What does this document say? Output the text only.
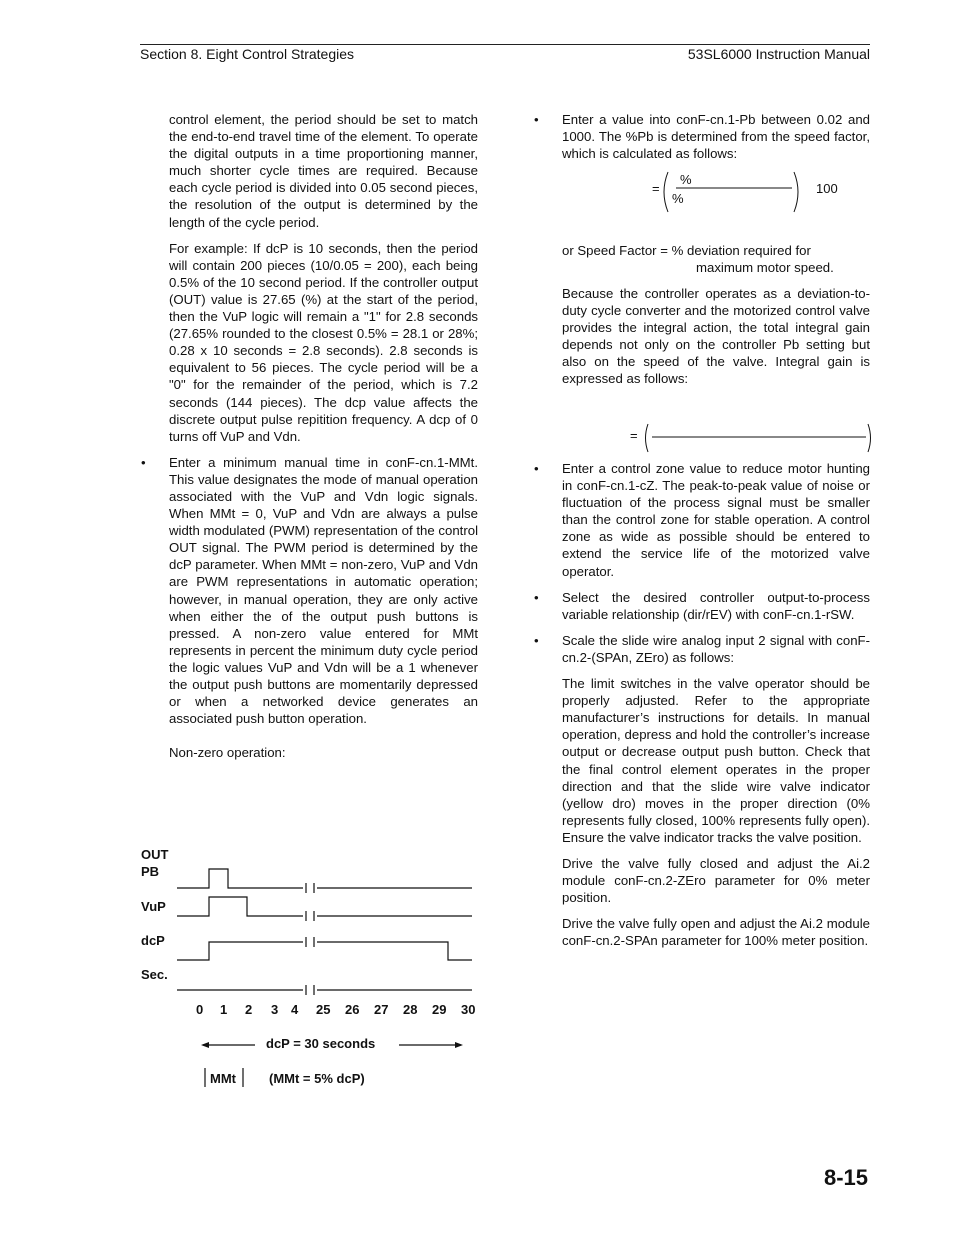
Section 8. Eight Control Strategies	53SL6000 Instruction Manual

control element, the period should be set to match the end-to-end travel time of the element. To operate the digital outputs in a time proportioning manner, much shorter cycle times are required. Because each cycle period is divided into 0.05 second pieces, the resolution of the output is determined by the length of the cycle period.

For example: If dcP is 10 seconds, then the period will contain 200 pieces (10/0.05 = 200), each being 0.5% of the 10 second period. If the controller output (OUT) value is 27.65 (%) at the start of the period, then the VuP logic will remain a "1" for 2.8 seconds (27.65% rounded to the closest 0.5% = 28.1 or 28%; 0.28 x 10 seconds = 2.8 seconds). 2.8 seconds is equivalent to 56 pieces. The cycle period will be a "0" for the remainder of the period, which is 7.2 seconds (144 pieces). The dcp value affects the discrete output pulse repitition frequency. A dcp of 0 turns off VuP and Vdn.

• Enter a minimum manual time in conF-cn.1-MMt. This value designates the mode of manual operation associated with the VuP and Vdn logic signals. When MMt = 0, VuP and Vdn are always a pulse width modulated (PWM) representation of the control OUT signal. The PWM period is determined by the dcP parameter. When MMt = non-zero, VuP and Vdn are PWM representations in automatic operation; however, in manual operation, they are only active when either the of the output push buttons is pressed. A non-zero value entered for MMt represents in percent the minimum duty cycle period the logic values VuP and Vdn will be a 1 whenever the output push buttons are momentarily depressed or when a networked device generates an associated push button operation.

Non-zero operation:

OUT
PB
VuP
dcP
Sec.
0 1 2 3 4 25 26 27 28 29 30
dcP = 30 seconds
MMt	(MMt = 5% dcP)

• Enter a value into conF-cn.1-Pb between 0.02 and 1000. The %Pb is determined from the speed factor, which is calculated as follows:

=
%
%
100
or Speed Factor = % deviation required for
maximum motor speed.

Because the controller operates as a deviation-to-duty cycle converter and the motorized control valve provides the integral action, the total integral gain depends not only on the controller Pb setting but also on the speed of the valve. Integral gain is expressed as follows:

=

• Enter a control zone value to reduce motor hunting in conF-cn.1-cZ. The peak-to-peak value of noise or fluctuation of the process signal must be smaller than the control zone for stable operation. A control zone as wide as possible should be entered to extend the service life of the motorized valve operator.

• Select the desired controller output-to-process variable relationship (dir/rEV) with conF-cn.1-rSW.

• Scale the slide wire analog input 2 signal with conF-cn.2-(SPAn, ZEro) as follows:

The limit switches in the valve operator should be properly adjusted. Refer to the appropriate manufacturer’s instructions for details. In manual operation, depress and hold the controller’s increase output or decrease output push button. Check that the final control element operates in the proper direction and that the slide wire valve indicator (yellow dro) moves in the proper direction (0% represents fully closed, 100% represents fully open). Ensure the valve indicator tracks the valve position.

Drive the valve fully closed and adjust the Ai.2 module conF-cn.2-ZEro parameter for 0% meter position.

Drive the valve fully open and adjust the Ai.2 module conF-cn.2-SPAn parameter for 100% meter position.

8-15
